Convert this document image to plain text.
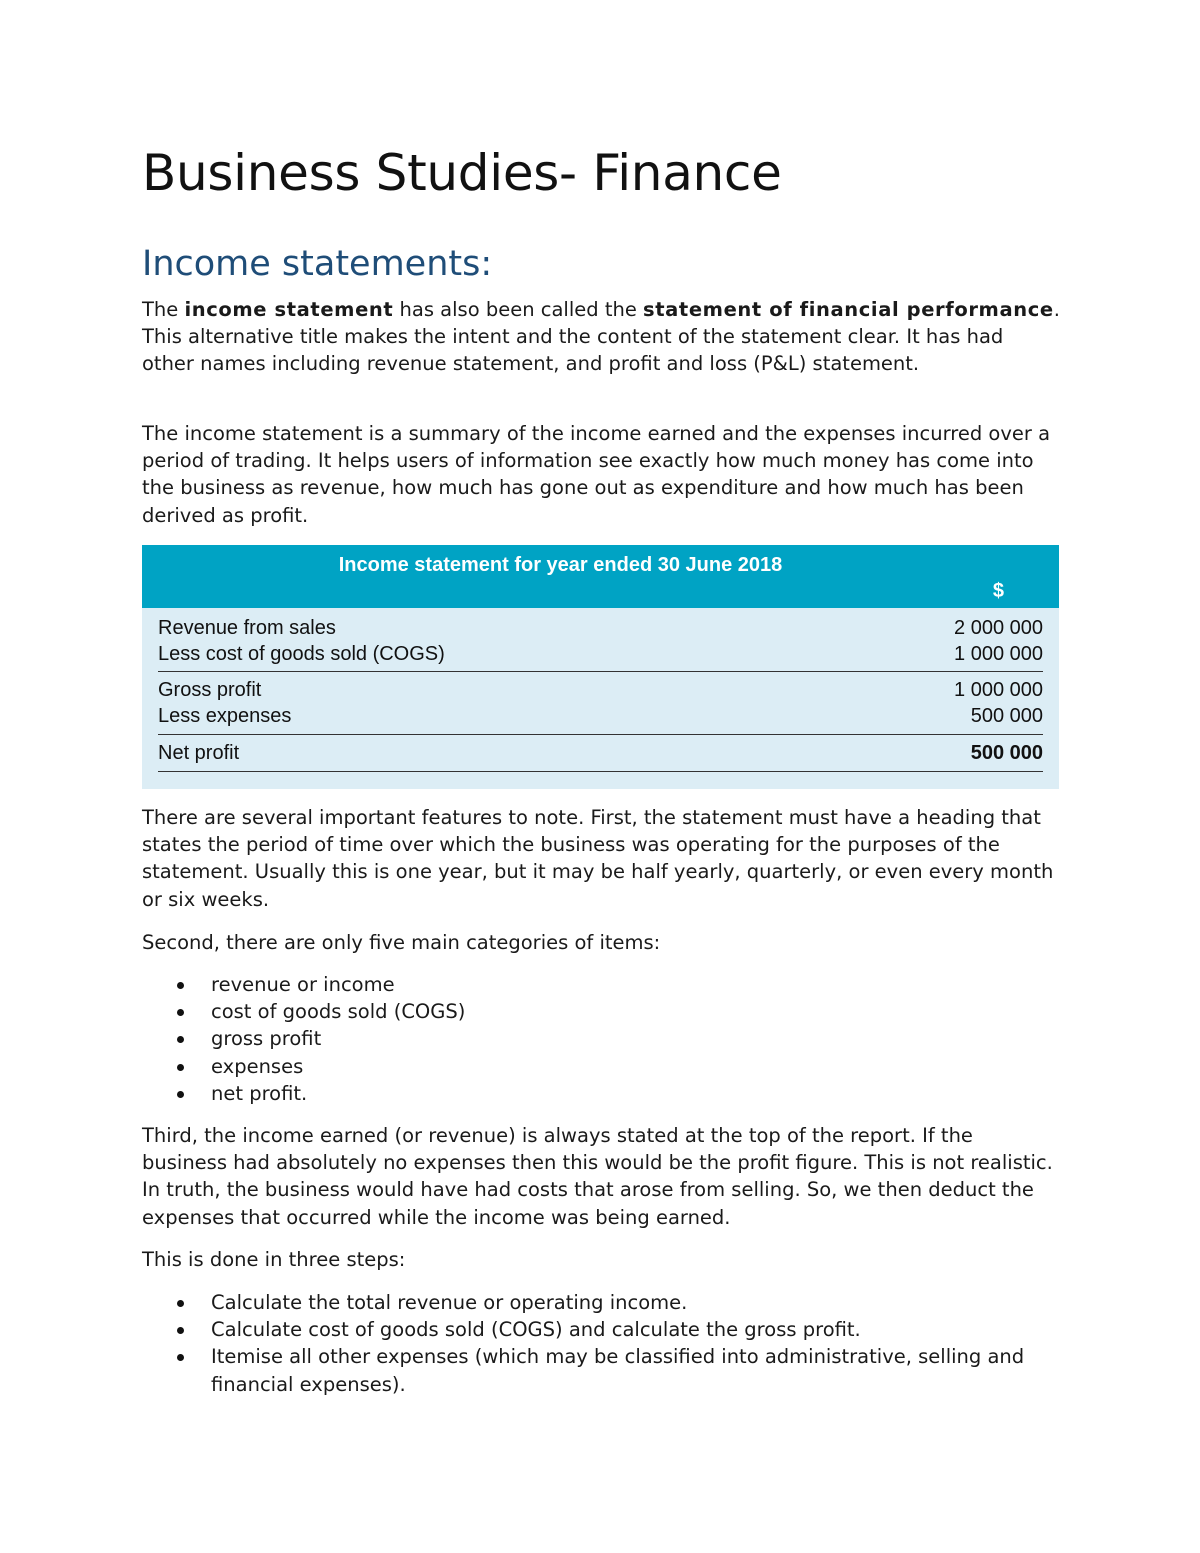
Business Studies- Finance
Income statements:

The income statement has also been called the statement of financial performance. This alternative title makes the intent and the content of the statement clear. It has had other names including revenue statement, and profit and loss (P&L) statement.

The income statement is a summary of the income earned and the expenses incurred over a period of trading. It helps users of information see exactly how much money has come into the business as revenue, how much has gone out as expenditure and how much has been derived as profit.

Income statement for year ended 30 June 2018
$
Revenue from sales	2 000 000
Less cost of goods sold (COGS)	1 000 000
Gross profit	1 000 000
Less expenses	500 000
Net profit	500 000

There are several important features to note. First, the statement must have a heading that states the period of time over which the business was operating for the purposes of the statement. Usually this is one year, but it may be half yearly, quarterly, or even every month or six weeks.

Second, there are only five main categories of items:

revenue or income
cost of goods sold (COGS)
gross profit
expenses
net profit.

Third, the income earned (or revenue) is always stated at the top of the report. If the business had absolutely no expenses then this would be the profit figure. This is not realistic. In truth, the business would have had costs that arose from selling. So, we then deduct the expenses that occurred while the income was being earned.

This is done in three steps:

Calculate the total revenue or operating income.
Calculate cost of goods sold (COGS) and calculate the gross profit.
Itemise all other expenses (which may be classified into administrative, selling and financial expenses).
